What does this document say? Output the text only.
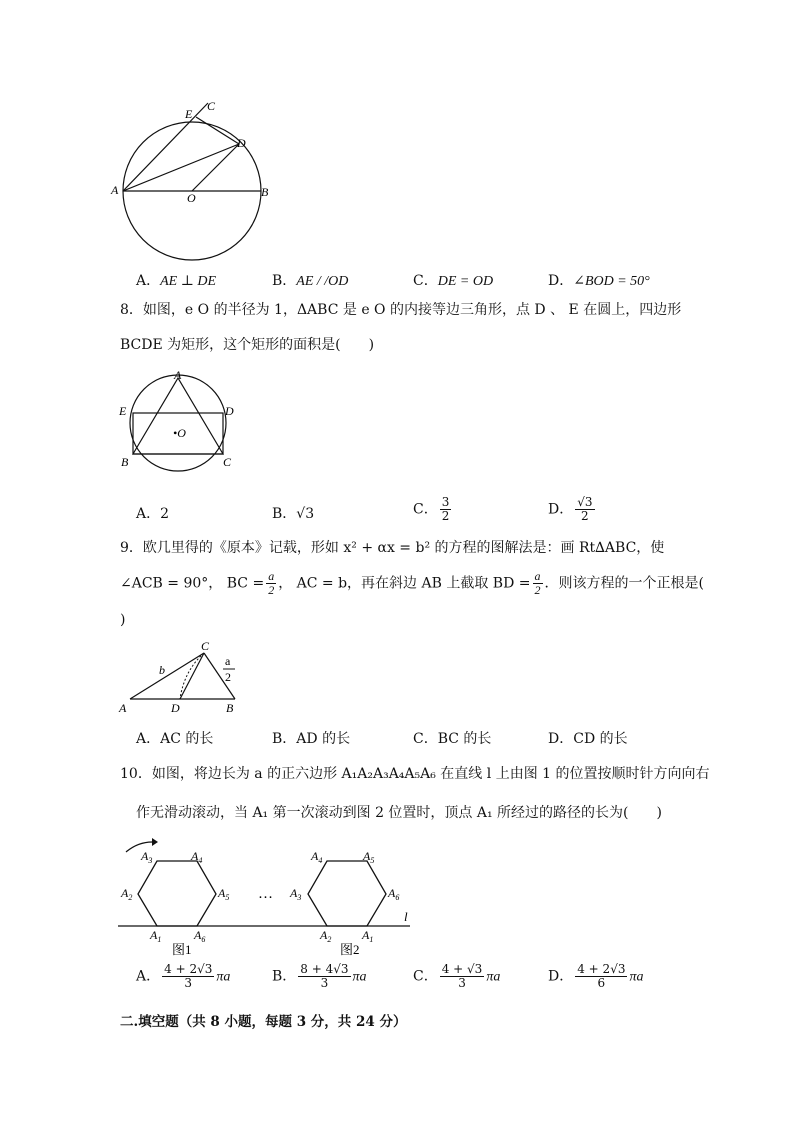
A	B
C
D
E
O
A．AE ⊥ DE	B．AE / /OD	C．DE = OD	D．∠BOD = 50°
8．如图，e O 的半径为 1，ΔABC 是 e O 的内接等边三角形，点 D 、 E 在圆上，四边形
BCDE 为矩形，这个矩形的面积是(　　)
A
B	C
D
E
•O
A．2	B．√3	C． $\frac{3}{2}$	D． $\frac{√3}{2}$
9．欧几里得的《原本》记载，形如 x² + αx = b² 的方程的图解法是：画 Rt∆ABC，使
∠ACB = 90°， BC = $\frac{a}{2}$ ， AC = b，再在斜边 AB 上截取 BD = $\frac{a}{2}$ ．则该方程的一个正根是(
)
A	B
C
D
b
a
2
A．AC 的长	B．AD 的长	C．BC 的长	D．CD 的长
10．如图，将边长为 a 的正六边形 A₁A₂A₃A₄A₅A₆ 在直线 l 上由图 1 的位置按顺时针方向向右
作无滑动滚动，当 A₁ 第一次滚动到图 2 位置时，顶点 A₁ 所经过的路径的长为(　　)
l
…
$A_3$	$A_4$
$A_2$	$A_5$
$A_1$	$A_6$
$A_4$	$A_5$
$A_3$	$A_6$
$A_2$	$A_1$
图1	图2
A． $\frac{4 + 2√3}{3}$ πa	B． $\frac{8 + 4√3}{3}$ πa	C． $\frac{4 + √3}{3}$ πa	D． $\frac{4 + 2√3}{6}$ πa
二.填空题（共 8 小题，每题 3 分，共 24 分）
